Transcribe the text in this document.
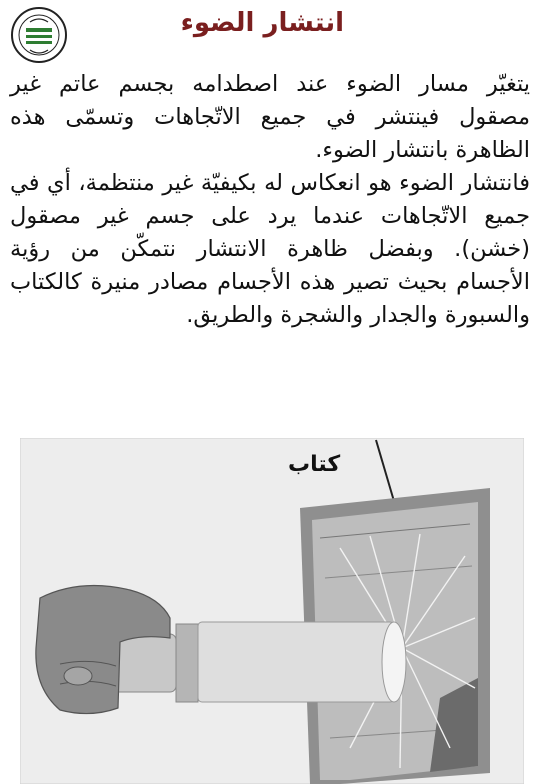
انتشار الضوء

يتغيّر مسار الضوء عند اصطدامه بجسم عاتم غير مصقول فينتشر في جميع الاتّجاهات وتسمّى هذه الظاهرة بانتشار الضوء.

فانتشار الضوء هو انعكاس له بكيفيّة غير منتظمة، أي في جميع الاتّجاهات عندما يرد على جسم غير مصقول (خشن). وبفضل ظاهرة الانتشار نتمكّن من رؤية الأجسام بحيث تصير هذه الأجسام مصادر منيرة كالكتاب والسبورة والجدار والشجرة والطريق.

كتاب
